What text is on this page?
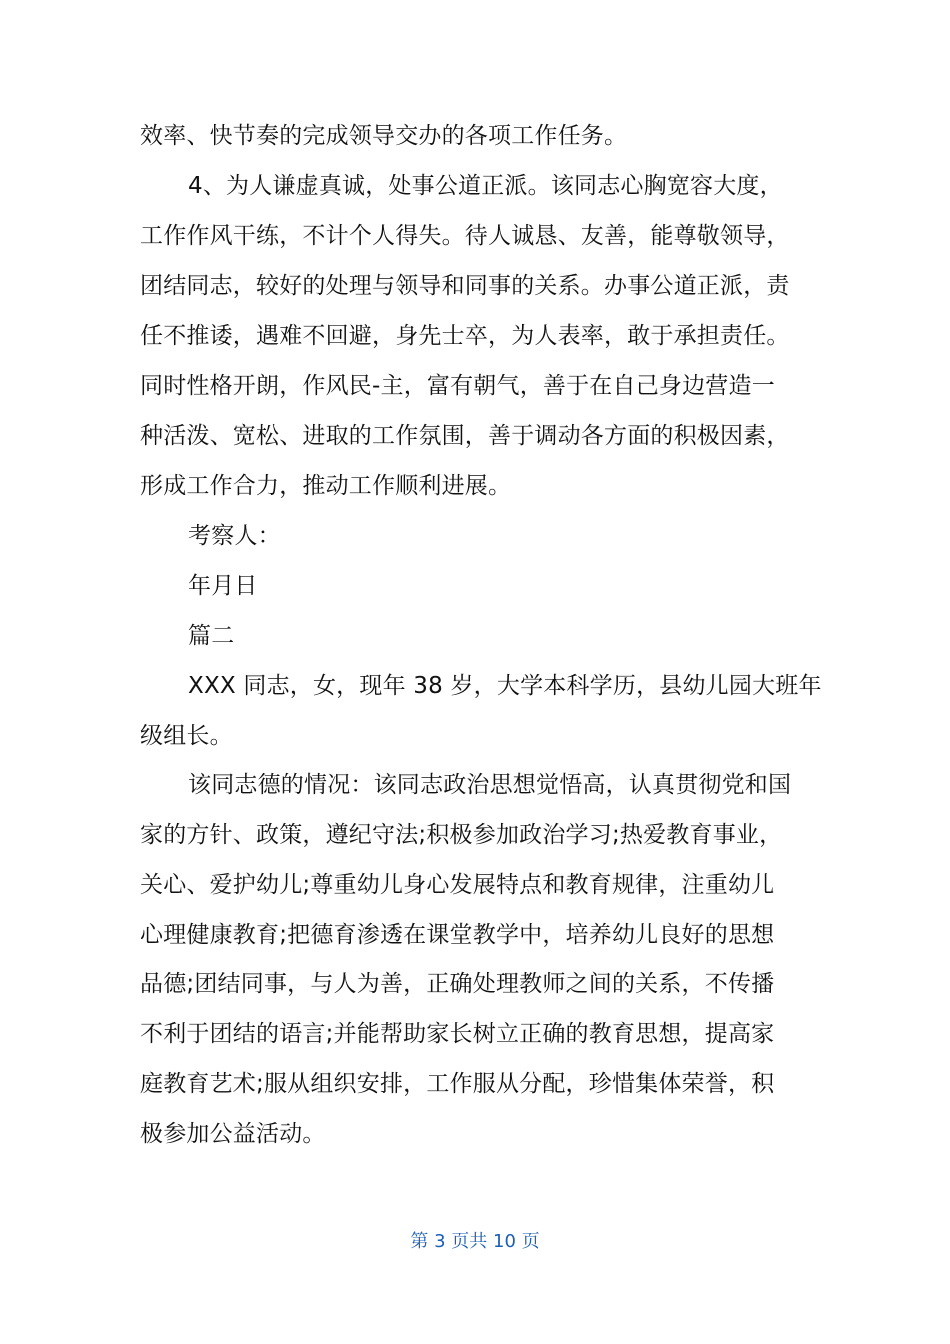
效率、快节奏的完成领导交办的各项工作任务。
4、为人谦虚真诚，处事公道正派。该同志心胸宽容大度，
工作作风干练，不计个人得失。待人诚恳、友善，能尊敬领导，
团结同志，较好的处理与领导和同事的关系。办事公道正派，责
任不推诿，遇难不回避，身先士卒，为人表率，敢于承担责任。
同时性格开朗，作风民-主，富有朝气，善于在自己身边营造一
种活泼、宽松、进取的工作氛围，善于调动各方面的积极因素，
形成工作合力，推动工作顺利进展。
考察人：
年月日
篇二
XXX 同志，女，现年 38 岁，大学本科学历，县幼儿园大班年
级组长。
该同志德的情况：该同志政治思想觉悟高，认真贯彻党和国
家的方针、政策，遵纪守法;积极参加政治学习;热爱教育事业，
关心、爱护幼儿;尊重幼儿身心发展特点和教育规律，注重幼儿
心理健康教育;把德育渗透在课堂教学中，培养幼儿良好的思想
品德;团结同事，与人为善，正确处理教师之间的关系，不传播
不利于团结的语言;并能帮助家长树立正确的教育思想，提高家
庭教育艺术;服从组织安排，工作服从分配，珍惜集体荣誉，积
极参加公益活动。
第 3 页共 10 页
